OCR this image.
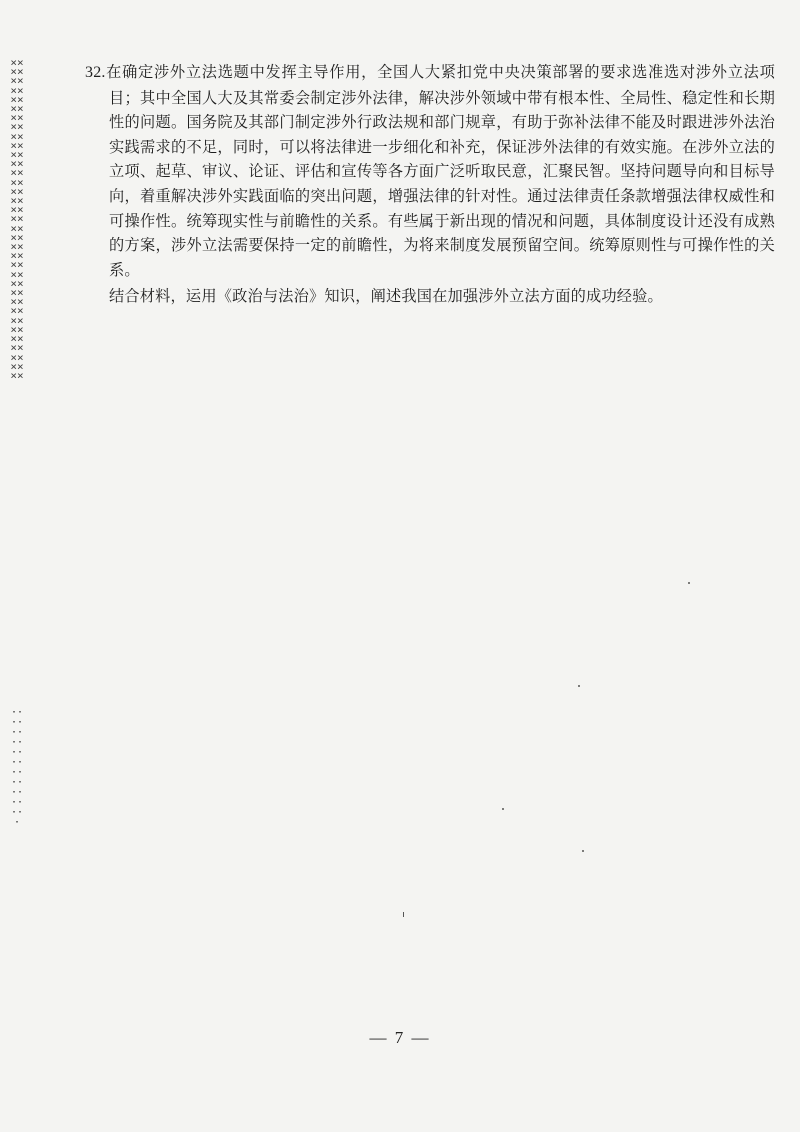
××××××××××××××××××××××××××××××××××××××××××××××××××××××××××××××××××××××
·······················
32.在确定涉外立法选题中发挥主导作用，全国人大紧扣党中央决策部署的要求选准选对涉外立法项目；其中全国人大及其常委会制定涉外法律，解决涉外领域中带有根本性、全局性、稳定性和长期性的问题。国务院及其部门制定涉外行政法规和部门规章，有助于弥补法律不能及时跟进涉外法治实践需求的不足，同时，可以将法律进一步细化和补充，保证涉外法律的有效实施。在涉外立法的立项、起草、审议、论证、评估和宣传等各方面广泛听取民意，汇聚民智。坚持问题导向和目标导向，着重解决涉外实践面临的突出问题，增强法律的针对性。通过法律责任条款增强法律权威性和可操作性。统筹现实性与前瞻性的关系。有些属于新出现的情况和问题，具体制度设计还没有成熟的方案，涉外立法需要保持一定的前瞻性，为将来制度发展预留空间。统筹原则性与可操作性的关系。
结合材料，运用《政治与法治》知识，阐述我国在加强涉外立法方面的成功经验。
— 7 —
